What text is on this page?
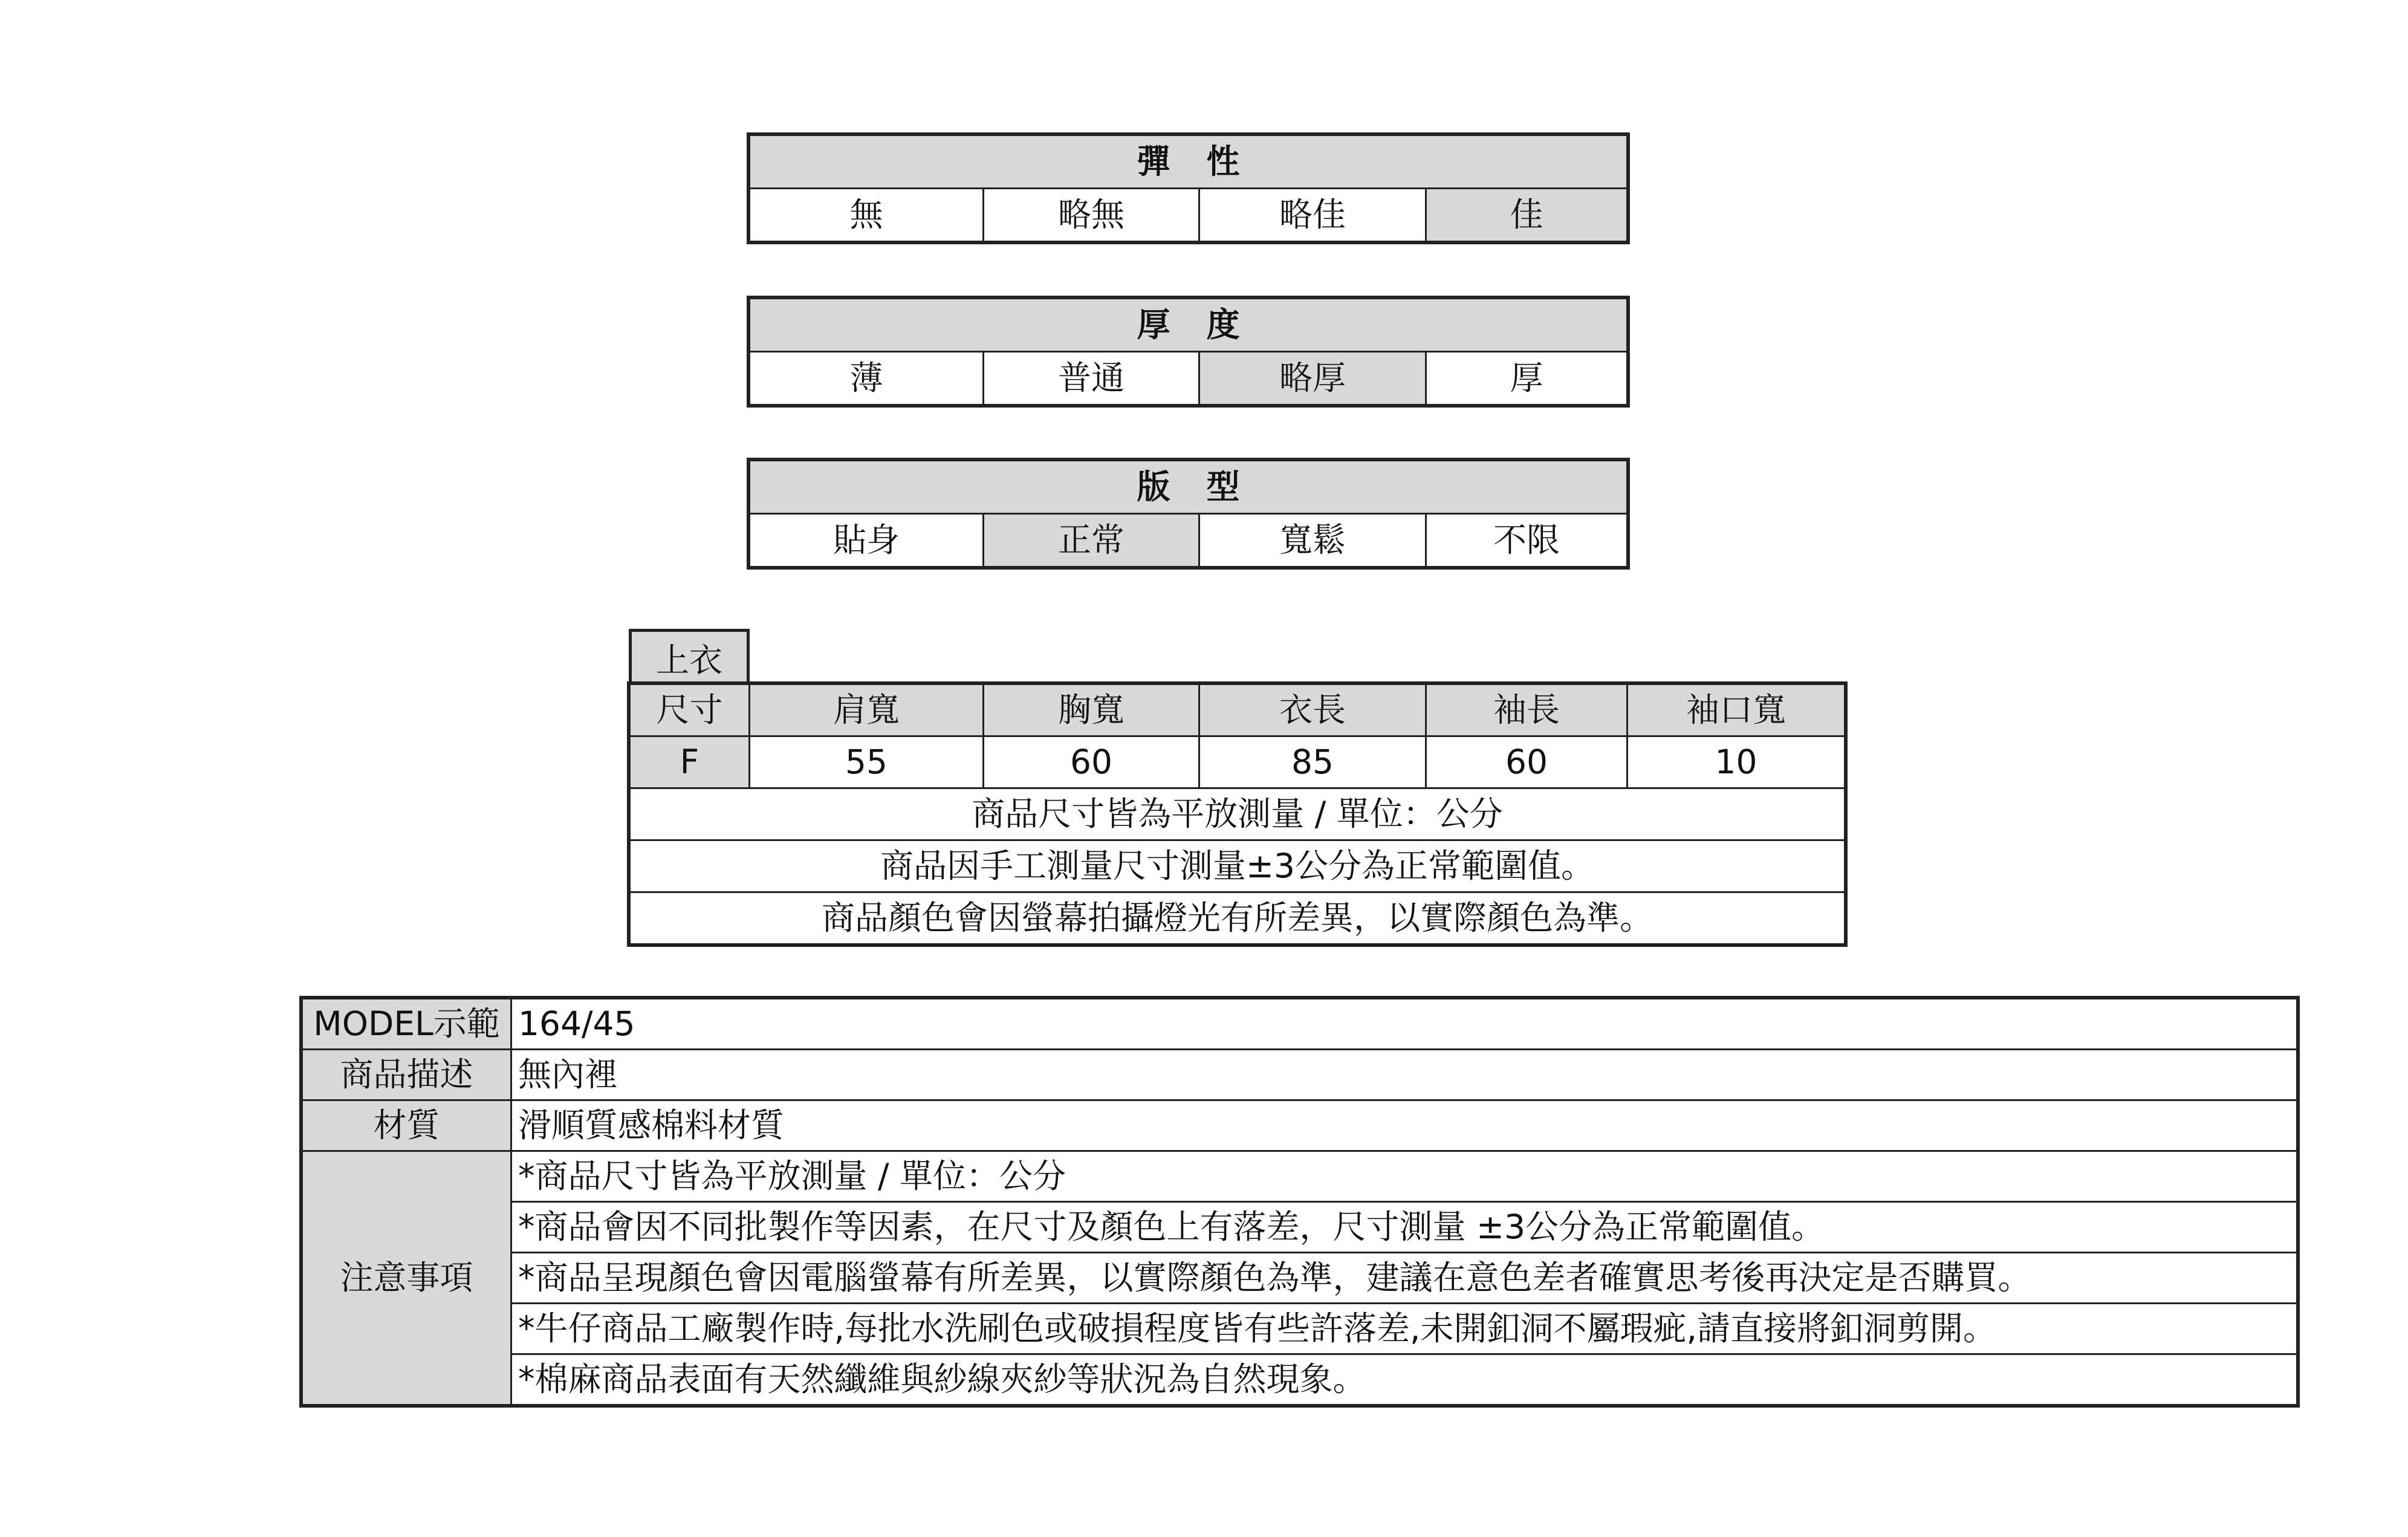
彈性
無	略無	略佳	佳
厚度
薄	普通	略厚	厚
版型
貼身	正常	寬鬆	不限
上衣
尺寸	肩寬	胸寬	衣長	袖長	袖口寬
F	55	60	85	60	10
商品尺寸皆為平放測量 / 單位：公分					
商品因手工測量尺寸測量±3公分為正常範圍值。					
商品顏色會因螢幕拍攝燈光有所差異，以實際顏色為準。					
MODEL示範	164/45
商品描述	無內裡
材質	滑順質感棉料材質
注意事項	*商品尺寸皆為平放測量 / 單位：公分
	*商品會因不同批製作等因素，在尺寸及顏色上有落差，尺寸測量 ±3公分為正常範圍值。
	*商品呈現顏色會因電腦螢幕有所差異，以實際顏色為準，建議在意色差者確實思考後再決定是否購買。
	*牛仔商品工廠製作時,每批水洗刷色或破損程度皆有些許落差,未開釦洞不屬瑕疵,請直接將釦洞剪開。
	*棉麻商品表面有天然纖維與紗線夾紗等狀況為自然現象。
